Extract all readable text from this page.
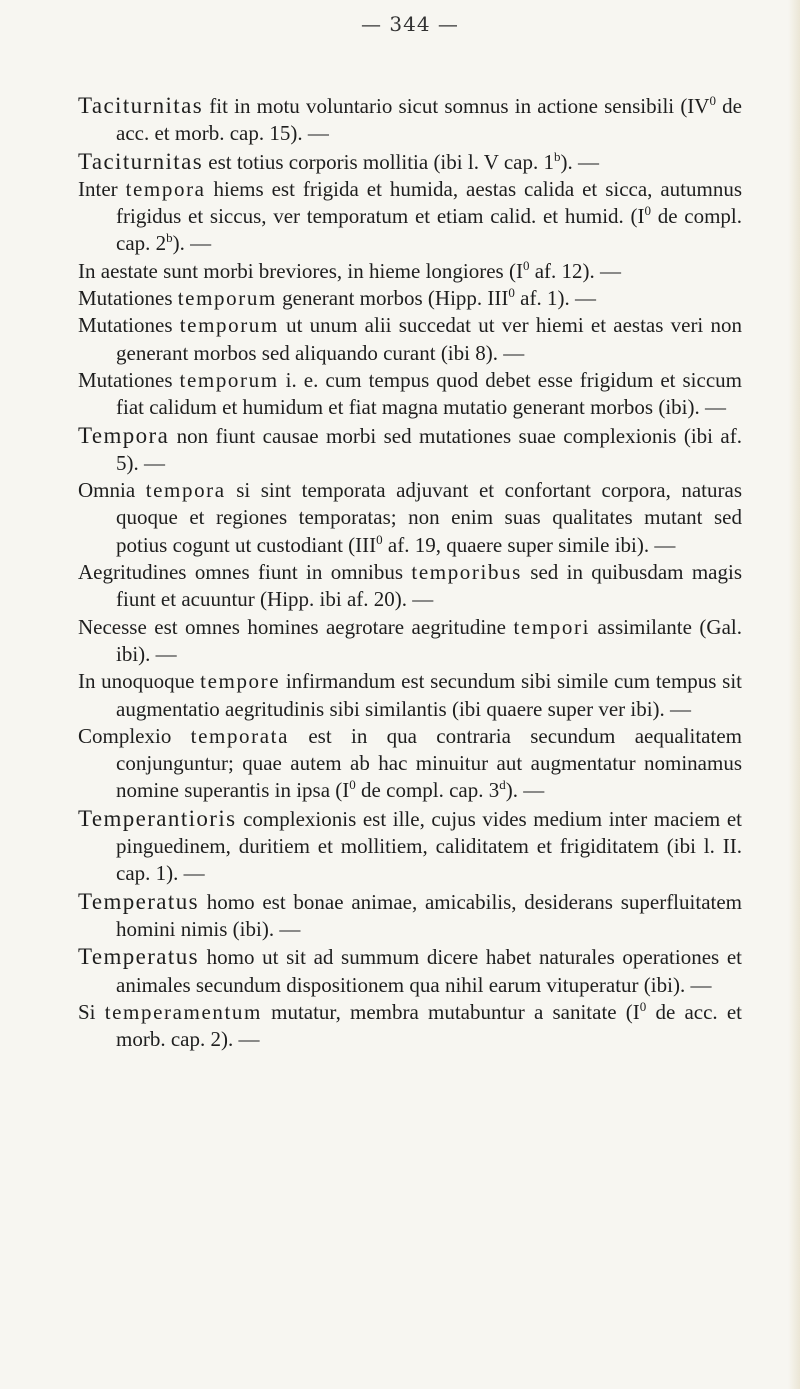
— 344 —

Taciturnitas fit in motu voluntario sicut somnus in actione sensibili ($IV^0$ de acc. et morb. cap. 15). —

Taciturnitas est totius corporis mollitia (ibi l. V cap. 1$^b$). —

Inter tempora hiems est frigida et humida, aestas calida et sicca, autumnus frigidus et siccus, ver temporatum et etiam calid. et humid. ($I^0$ de compl. cap. 2$^b$). —

In aestate sunt morbi breviores, in hieme longiores ($I^0$ af. 12). —

Mutationes temporum generant morbos (Hipp. III$^0$ af. 1). —

Mutationes temporum ut unum alii succedat ut ver hiemi et aestas veri non generant morbos sed aliquando curant (ibi 8). —

Mutationes temporum i. e. cum tempus quod debet esse frigidum et siccum fiat calidum et humidum et fiat magna mutatio generant morbos (ibi). —

Tempora non fiunt causae morbi sed mutationes suae complexionis (ibi af. 5). —

Omnia tempora si sint temporata adjuvant et confortant corpora, naturas quoque et regiones temporatas; non enim suas qualitates mutant sed potius cogunt ut custodiant (III$^0$ af. 19, quaere super simile ibi). —

Aegritudines omnes fiunt in omnibus temporibus sed in quibusdam magis fiunt et acuuntur (Hipp. ibi af. 20). —

Necesse est omnes homines aegrotare aegritudine tempori assimilante (Gal. ibi). —

In unoquoque tempore infirmandum est secundum sibi simile cum tempus sit augmentatio aegritudinis sibi similantis (ibi quaere super ver ibi). —

Complexio temporata est in qua contraria secundum aequalitatem conjunguntur; quae autem ab hac minuitur aut augmentatur nominamus nomine superantis in ipsa ($I^0$ de compl. cap. 3$^d$). —

Temperantioris complexionis est ille, cujus vides medium inter maciem et pinguedinem, duritiem et mollitiem, caliditatem et frigiditatem (ibi l. II. cap. 1). —

Temperatus homo est bonae animae, amicabilis, desiderans superfluitatem homini nimis (ibi). —

Temperatus homo ut sit ad summum dicere habet naturales operationes et animales secundum dispositionem qua nihil earum vituperatur (ibi). —

Si temperamentum mutatur, membra mutabuntur a sanitate ($I^0$ de acc. et morb. cap. 2). —
